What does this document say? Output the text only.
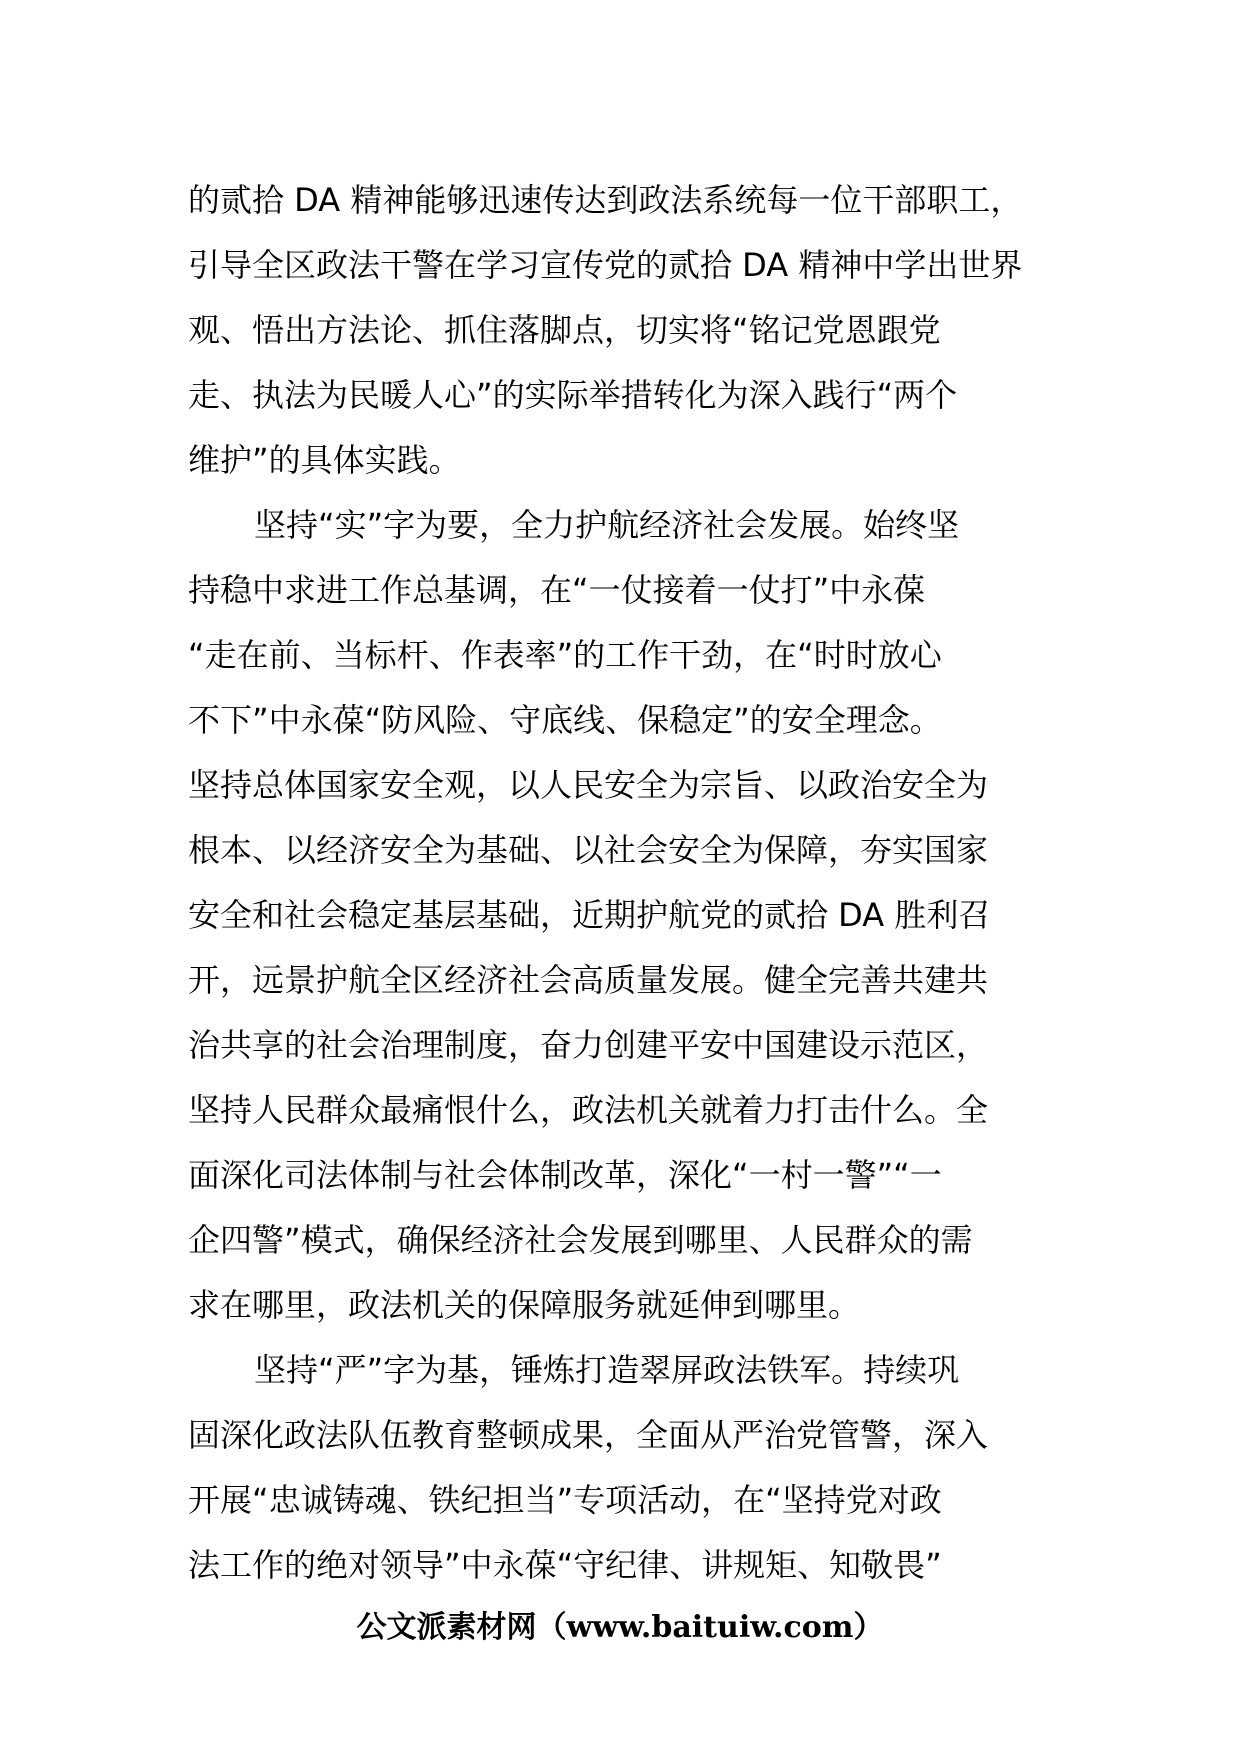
的贰拾 DA 精神能够迅速传达到政法系统每一位干部职工，
引导全区政法干警在学习宣传党的贰拾 DA 精神中学出世界
观、悟出方法论、抓住落脚点，切实将“铭记党恩跟党
走、执法为民暖人心”的实际举措转化为深入践行“两个
维护”的具体实践。
坚持“实”字为要，全力护航经济社会发展。始终坚
持稳中求进工作总基调，在“一仗接着一仗打”中永葆
“走在前、当标杆、作表率”的工作干劲，在“时时放心
不下”中永葆“防风险、守底线、保稳定”的安全理念。
坚持总体国家安全观，以人民安全为宗旨、以政治安全为
根本、以经济安全为基础、以社会安全为保障，夯实国家
安全和社会稳定基层基础，近期护航党的贰拾 DA 胜利召
开，远景护航全区经济社会高质量发展。健全完善共建共
治共享的社会治理制度，奋力创建平安中国建设示范区，
坚持人民群众最痛恨什么，政法机关就着力打击什么。全
面深化司法体制与社会体制改革，深化“一村一警”“一
企四警”模式，确保经济社会发展到哪里、人民群众的需
求在哪里，政法机关的保障服务就延伸到哪里。
坚持“严”字为基，锤炼打造翠屏政法铁军。持续巩
固深化政法队伍教育整顿成果，全面从严治党管警，深入
开展“忠诚铸魂、铁纪担当”专项活动，在“坚持党对政
法工作的绝对领导”中永葆“守纪律、讲规矩、知敬畏”
公文派素材网（www.baituiw.com）
